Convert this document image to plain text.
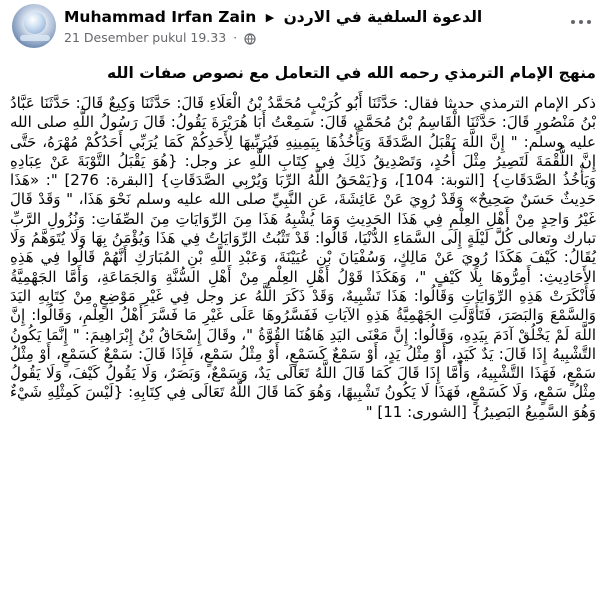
Muhammad Irfan Zain ▶ الدعوة السلفية في الاردن
21 Desember pukul 19.33 ·
منهج الإمام الترمذي رحمه الله في التعامل مع نصوص صفات الله
ذكر الإمام الترمذي حديثا فقال: حَدَّثَنَا أَبُو كُرَيْبٍ مُحَمَّدُ بْنُ الْعَلَاءِ قَالَ: حَدَّثَنَا وَكِيعٌ قَالَ: حَدَّثَنَا عَبَّادُ بْنُ مَنْصُورٍ قَالَ: حَدَّثَنَا الْقَاسِمُ بْنُ مُحَمَّدٍ، قَالَ: سَمِعْتُ أَبَا هُرَيْرَةَ يَقُولُ: قَالَ رَسُولُ اللَّهِ صلى الله عليه وسلم: " إِنَّ اللَّهَ يَقْبَلُ الصَّدَقَةَ وَيَأْخُذُهَا بِيَمِينِهِ فَيُرَبِّيهَا لِأَحَدِكُمْ كَمَا يُرَبِّي أَحَدُكُمْ مُهْرَهُ، حَتَّى إِنَّ اللُّقْمَةَ لَتَصِيرُ مِثْلَ أُحُدٍ، وَتَصْدِيقُ ذَلِكَ فِي كِتَابِ اللَّهِ عز وجل: {هُوَ يَقْبَلُ التَّوْبَةَ عَنْ عِبَادِهِ وَيَأْخُذُ الصَّدَقَاتِ} [التوبة: 104]، وَ{يَمْحَقُ اللَّهُ الرِّبَا وَيُرْبِي الصَّدَقَاتِ} [البقرة: 276] ": «هَذَا حَدِيثٌ حَسَنٌ صَحِيحٌ» وَقَدْ رُوِيَ عَنْ عَائِشَةَ، عَنِ النَّبِيِّ صلى الله عليه وسلم نَحْوَ هَذَا، " وَقَدْ قَالَ غَيْرُ وَاحِدٍ مِنْ أَهْلِ العِلْمِ فِي هَذَا الحَدِيثِ وَمَا يُشْبِهُ هَذَا مِنَ الرِّوَايَاتِ مِنَ الصِّفَاتِ: وَنُزُولِ الرَّبِّ تبارك وتعالى كُلَّ لَيْلَةٍ إِلَى السَّمَاءِ الدُّنْيَا، قَالُوا: قَدْ تَثْبُتُ الرِّوَايَاتُ فِي هَذَا وَيُؤْمَنُ بِهَا وَلَا يُتَوَهَّمُ وَلَا يُقَالُ: كَيْفَ هَكَذَا رُوِيَ عَنْ مَالِكٍ، وَسُفْيَانَ بْنِ عُيَيْنَةَ، وَعَبْدِ اللَّهِ بْنِ المُبَارَكِ أَنَّهُمْ قَالُوا فِي هَذِهِ الأَحَادِيثِ: أَمِرُّوهَا بِلَا كَيْفٍ "، وَهَكَذَا قَوْلُ أَهْلِ العِلْمِ مِنْ أَهْلِ السُّنَّةِ وَالجَمَاعَةِ، وَأَمَّا الجَهْمِيَّةُ فَأَنْكَرَتْ هَذِهِ الرِّوَايَاتِ وَقَالُوا: هَذَا تَشْبِيهٌ، وَقَدْ ذَكَرَ اللَّهُ عز وجل فِي غَيْرِ مَوْضِعٍ مِنْ كِتَابِهِ اليَدَ وَالسَّمْعَ وَالبَصَرَ، فَتَأَوَّلَتِ الجَهْمِيَّةُ هَذِهِ الآيَاتِ فَفَسَّرُوهَا عَلَى غَيْرِ مَا فَسَّرَ أَهْلُ العِلْمِ، وَقَالُوا: إِنَّ اللَّهَ لَمْ يَخْلُقْ آدَمَ بِيَدِهِ، وَقَالُوا: إِنَّ مَعْنَى اليَدِ هَاهُنَا القُوَّةُ "، وقَالَ إِسْحَاقُ بْنُ إِبْرَاهِيمَ: " إِنَّمَا يَكُونُ التَّشْبِيهُ إِذَا قَالَ: يَدٌ كَيَدٍ، أَوْ مِثْلُ يَدٍ، أَوْ سَمْعٌ كَسَمْعٍ، أَوْ مِثْلُ سَمْعٍ، فَإِذَا قَالَ: سَمْعٌ كَسَمْعٍ، أَوْ مِثْلُ سَمْعٍ، فَهَذَا التَّشْبِيهُ، وَأَمَّا إِذَا قَالَ كَمَا قَالَ اللَّهُ تَعَالَى يَدٌ، وَسَمْعٌ، وَبَصَرٌ، وَلَا يَقُولُ كَيْفَ، وَلَا يَقُولُ مِثْلُ سَمْعٍ، وَلَا كَسَمْعٍ، فَهَذَا لَا يَكُونُ تَشْبِيهًا، وَهُوَ كَمَا قَالَ اللَّهُ تَعَالَى فِي كِتَابِهِ: {لَيْسَ كَمِثْلِهِ شَيْءٌ وَهُوَ السَّمِيعُ البَصِيرُ} [الشورى: 11] "
